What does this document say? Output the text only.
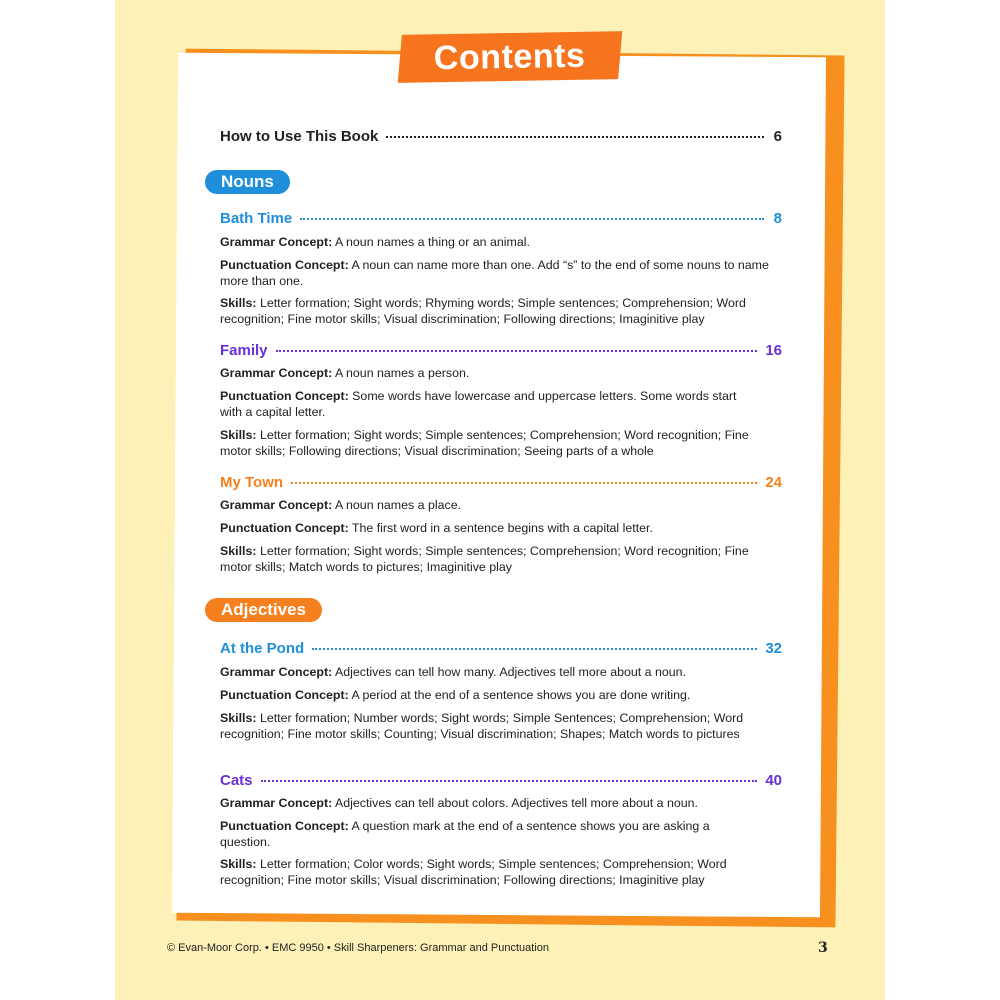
Contents
How to Use This Book	6
Nouns
Bath Time	8
Grammar Concept: A noun names a thing or an animal.
Punctuation Concept: A noun can name more than one. Add “s” to the end of some nouns to name more than one.
Skills: Letter formation; Sight words; Rhyming words; Simple sentences; Comprehension; Word recognition; Fine motor skills; Visual discrimination; Following directions; Imaginitive play
Family	16
Grammar Concept: A noun names a person.
Punctuation Concept: Some words have lowercase and uppercase letters. Some words start with a capital letter.
Skills: Letter formation; Sight words; Simple sentences; Comprehension; Word recognition; Fine motor skills; Following directions; Visual discrimination; Seeing parts of a whole
My Town	24
Grammar Concept: A noun names a place.
Punctuation Concept: The first word in a sentence begins with a capital letter.
Skills: Letter formation; Sight words; Simple sentences; Comprehension; Word recognition; Fine motor skills; Match words to pictures; Imaginitive play
Adjectives
At the Pond	32
Grammar Concept: Adjectives can tell how many. Adjectives tell more about a noun.
Punctuation Concept: A period at the end of a sentence shows you are done writing.
Skills: Letter formation; Number words; Sight words; Simple Sentences; Comprehension; Word recognition; Fine motor skills; Counting; Visual discrimination; Shapes; Match words to pictures
Cats	40
Grammar Concept: Adjectives can tell about colors. Adjectives tell more about a noun.
Punctuation Concept: A question mark at the end of a sentence shows you are asking a question.
Skills: Letter formation; Color words; Sight words; Simple sentences; Comprehension; Word recognition; Fine motor skills; Visual discrimination; Following directions; Imaginitive play
© Evan-Moor Corp. • EMC 9950 • Skill Sharpeners: Grammar and Punctuation	3
